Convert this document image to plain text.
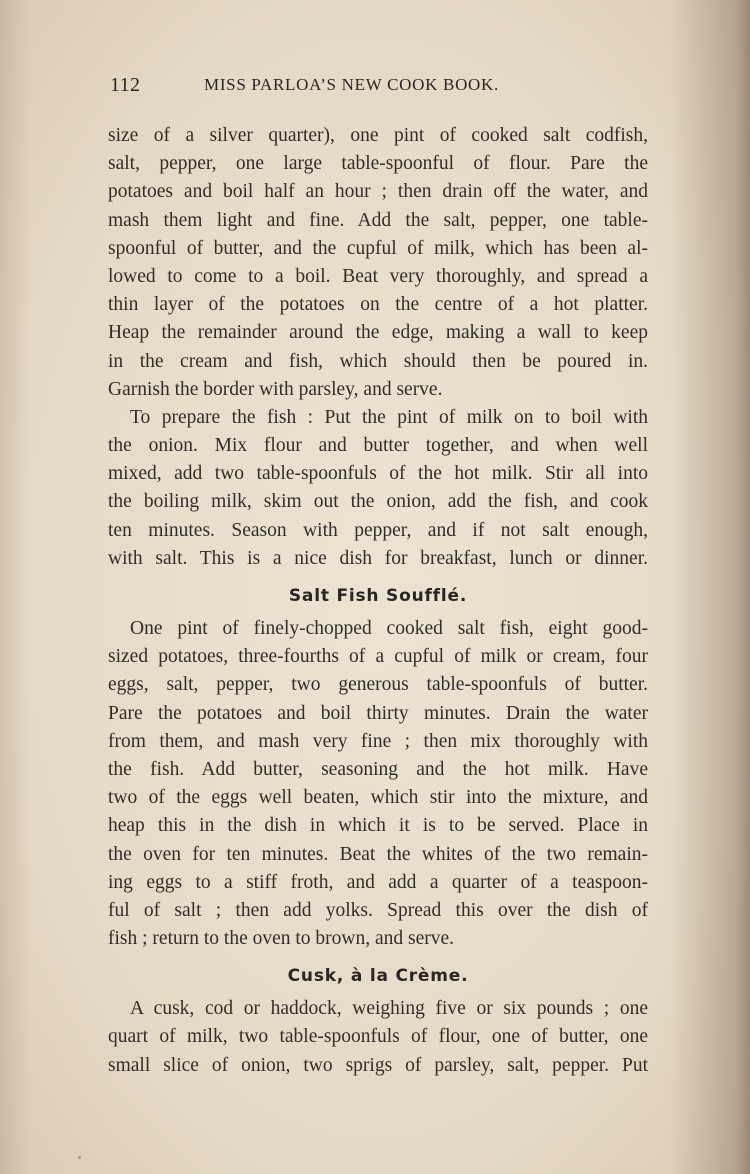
112	MISS PARLOA’S NEW COOK BOOK.
size of a silver quarter), one pint of cooked salt codfish,
salt, pepper, one large table-spoonful of flour. Pare the
potatoes and boil half an hour ; then drain off the water, and
mash them light and fine. Add the salt, pepper, one table-
spoonful of butter, and the cupful of milk, which has been al-
lowed to come to a boil. Beat very thoroughly, and spread a
thin layer of the potatoes on the centre of a hot platter.
Heap the remainder around the edge, making a wall to keep
in the cream and fish, which should then be poured in.
Garnish the border with parsley, and serve.
To prepare the fish : Put the pint of milk on to boil with
the onion. Mix flour and butter together, and when well
mixed, add two table-spoonfuls of the hot milk. Stir all into
the boiling milk, skim out the onion, add the fish, and cook
ten minutes. Season with pepper, and if not salt enough,
with salt. This is a nice dish for breakfast, lunch or dinner.
Salt Fish Soufflé.
One pint of finely-chopped cooked salt fish, eight good-
sized potatoes, three-fourths of a cupful of milk or cream, four
eggs, salt, pepper, two generous table-spoonfuls of butter.
Pare the potatoes and boil thirty minutes. Drain the water
from them, and mash very fine ; then mix thoroughly with
the fish. Add butter, seasoning and the hot milk. Have
two of the eggs well beaten, which stir into the mixture, and
heap this in the dish in which it is to be served. Place in
the oven for ten minutes. Beat the whites of the two remain-
ing eggs to a stiff froth, and add a quarter of a teaspoon-
ful of salt ; then add yolks. Spread this over the dish of
fish ; return to the oven to brown, and serve.
Cusk, à la Crème.
A cusk, cod or haddock, weighing five or six pounds ; one
quart of milk, two table-spoonfuls of flour, one of butter, one
small slice of onion, two sprigs of parsley, salt, pepper. Put
